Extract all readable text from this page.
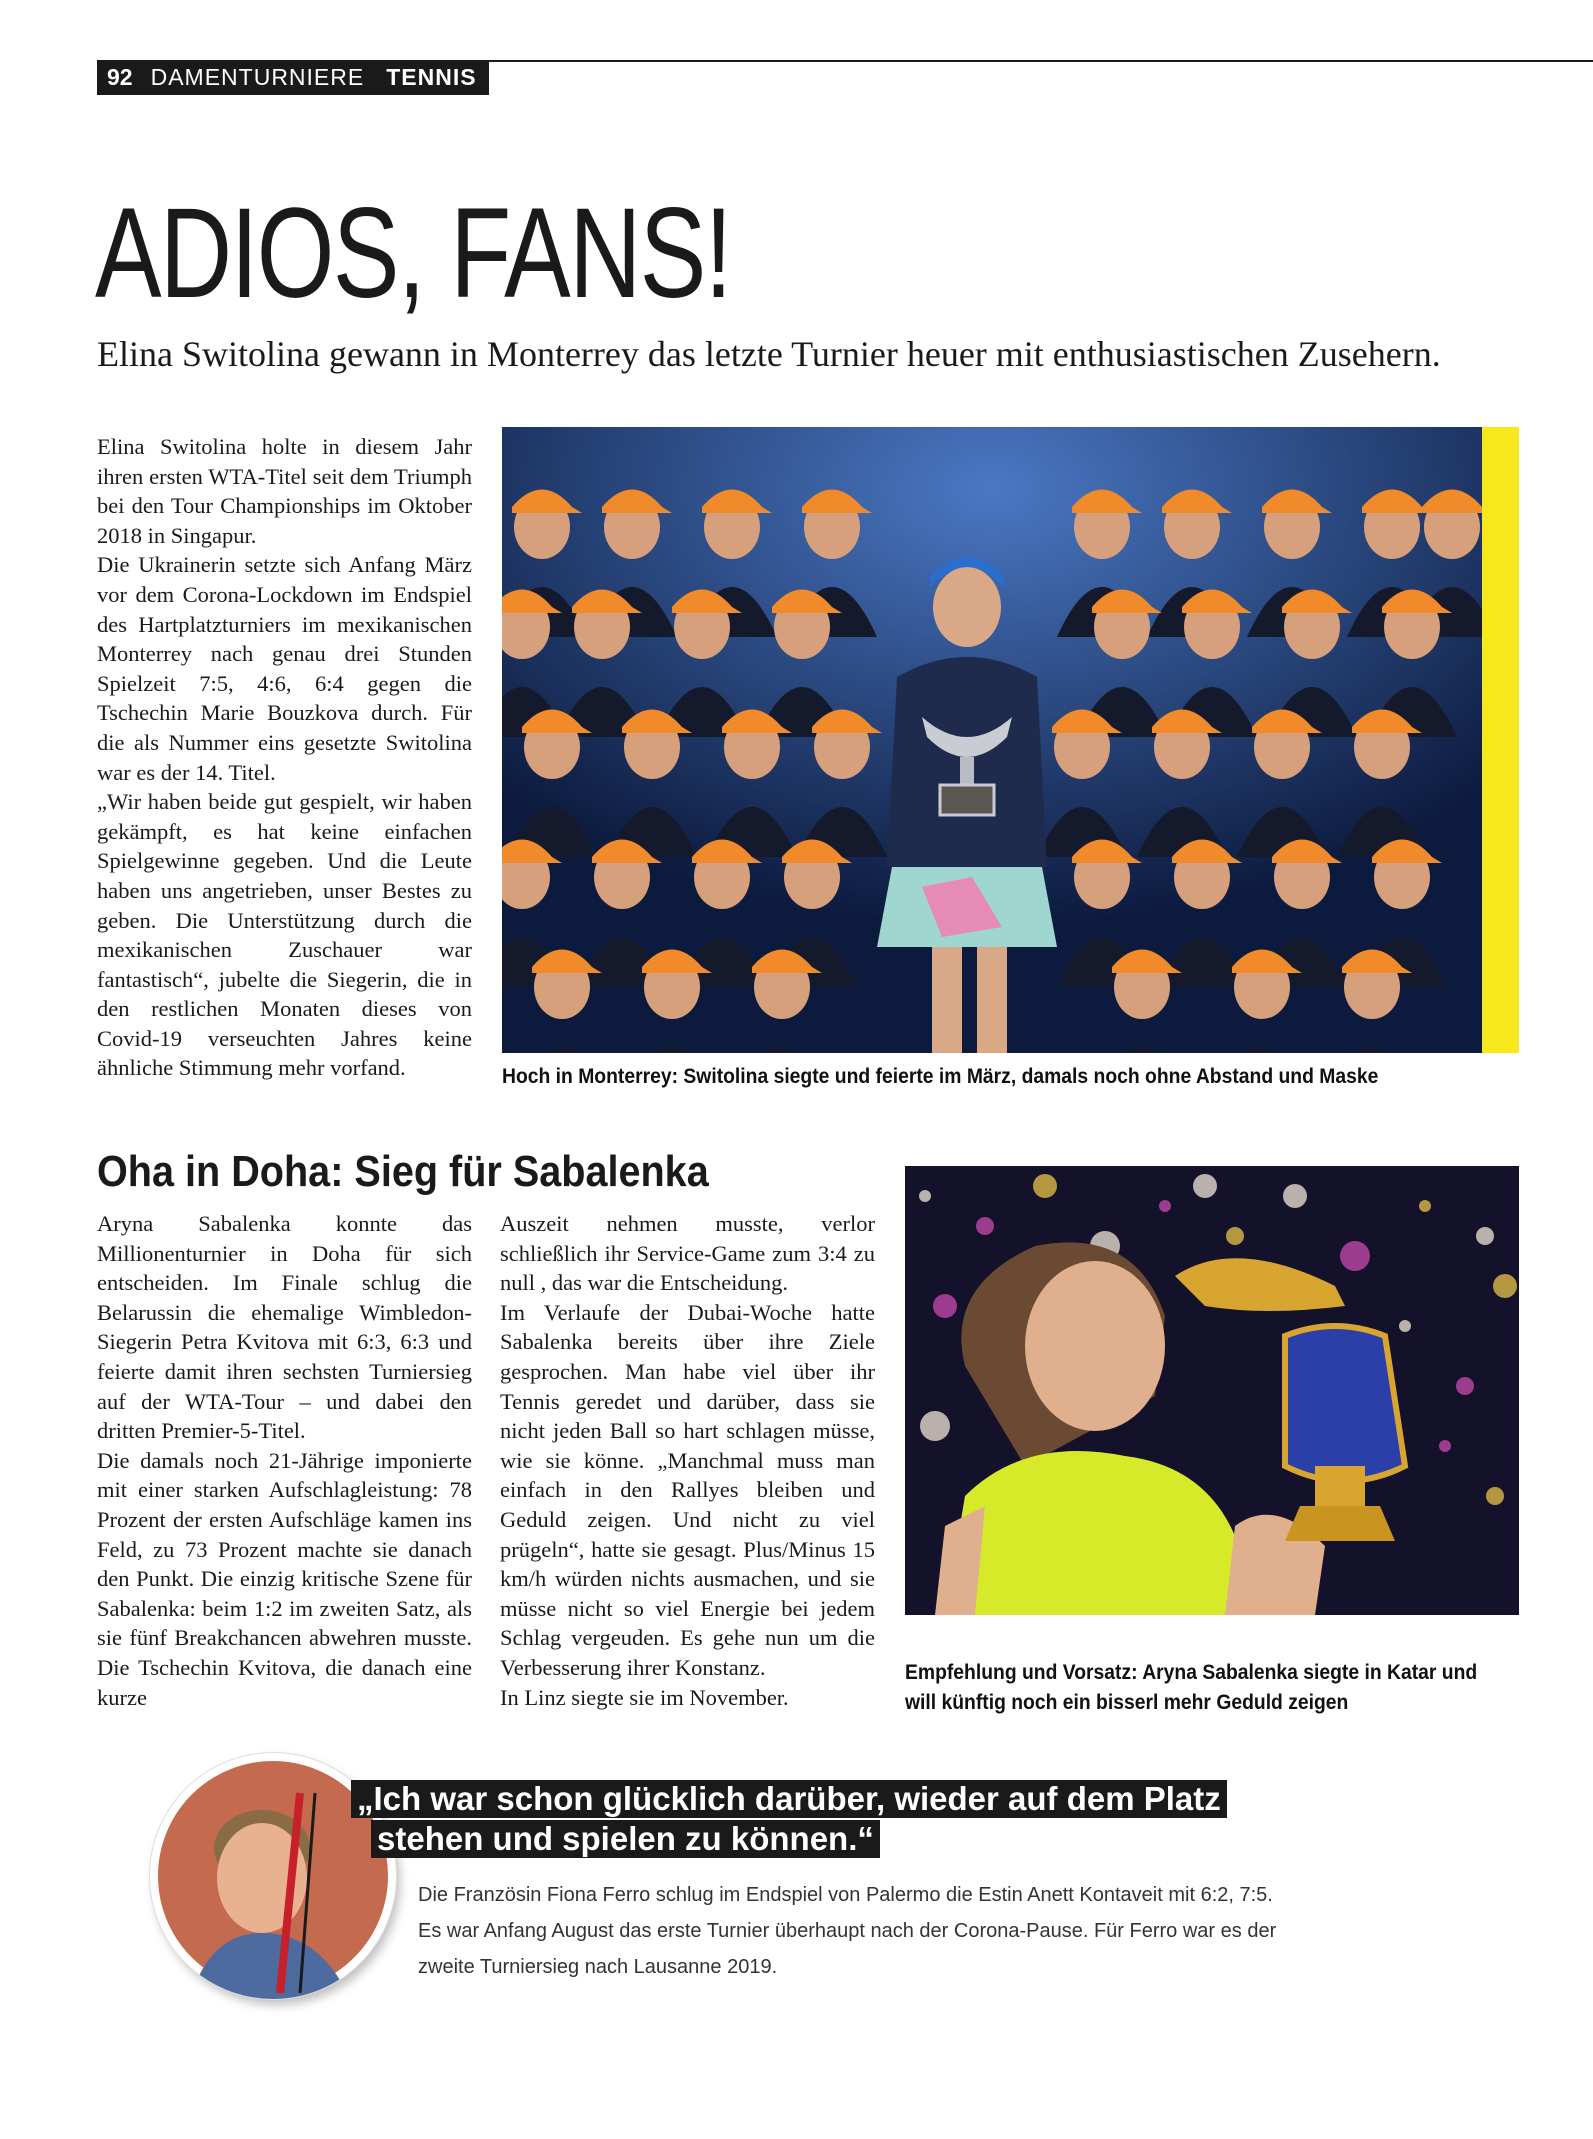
92 DAMENTURNIERE TENNIS
ADIOS, FANS!
Elina Switolina gewann in Monterrey das letzte Turnier heuer mit enthusiastischen Zusehern.

Elina Switolina holte in diesem Jahr ihren ersten WTA-Titel seit dem Triumph bei den Tour Championships im Oktober 2018 in Singapur.

Die Ukrainerin setzte sich Anfang März vor dem Corona-Lockdown im Endspiel des Hartplatzturniers im mexikanischen Monterrey nach genau drei Stunden Spielzeit 7:5, 4:6, 6:4 gegen die Tschechin Marie Bouzkova durch. Für die als Nummer eins gesetzte Switolina war es der 14. Titel.

„Wir haben beide gut gespielt, wir haben gekämpft, es hat keine einfachen Spielgewinne gegeben. Und die Leute haben uns angetrieben, unser Bestes zu geben. Die Unterstützung durch die mexikanischen Zuschauer war fantastisch“, jubelte die Siegerin, die in den restlichen Monaten dieses von Covid-19 verseuchten Jahres keine ähnliche Stimmung mehr vorfand.	Hoch in Monterrey: Switolina siegte und feierte im März, damals noch ohne Abstand und Maske
Oha in Doha: Sieg für Sabalenka

Aryna Sabalenka konnte das Millionenturnier in Doha für sich entscheiden. Im Finale schlug die Belarussin die ehemalige Wimbledon-Siegerin Petra Kvitova mit 6:3, 6:3 und feierte damit ihren sechsten Turniersieg auf der WTA-Tour – und dabei den dritten Premier-5-Titel.

Die damals noch 21-Jährige imponierte mit einer starken Aufschlagleistung: 78 Prozent der ersten Aufschläge kamen ins Feld, zu 73 Prozent machte sie danach den Punkt. Die einzig kritische Szene für Sabalenka: beim 1:2 im zweiten Satz, als sie fünf Breakchancen abwehren musste. Die Tschechin Kvitova, die danach eine kurze

Auszeit nehmen musste, verlor schließlich ihr Service-Game zum 3:4 zu null , das war die Entscheidung.

Im Verlaufe der Dubai-Woche hatte Sabalenka bereits über ihre Ziele gesprochen. Man habe viel über ihr Tennis geredet und darüber, dass sie nicht jeden Ball so hart schlagen müsse, wie sie könne. „Manchmal muss man einfach in den Rallyes bleiben und Geduld zeigen. Und nicht zu viel prügeln“, hatte sie gesagt. Plus/Minus 15 km/h würden nichts ausmachen, und sie müsse nicht so viel Energie bei jedem Schlag vergeuden. Es gehe nun um die Verbesserung ihrer Konstanz.

In Linz siegte sie im November.

Empfehlung und Vorsatz: Aryna Sabalenka siegte in Katar und will künftig noch ein bisserl mehr Geduld zeigen
„Ich war schon glücklich darüber, wieder auf dem Platz
stehen und spielen zu können.“
Die Französin Fiona Ferro schlug im Endspiel von Palermo die Estin Anett Kontaveit mit 6:2, 7:5. Es war Anfang August das erste Turnier überhaupt nach der Corona-Pause. Für Ferro war es der zweite Turniersieg nach Lausanne 2019.
